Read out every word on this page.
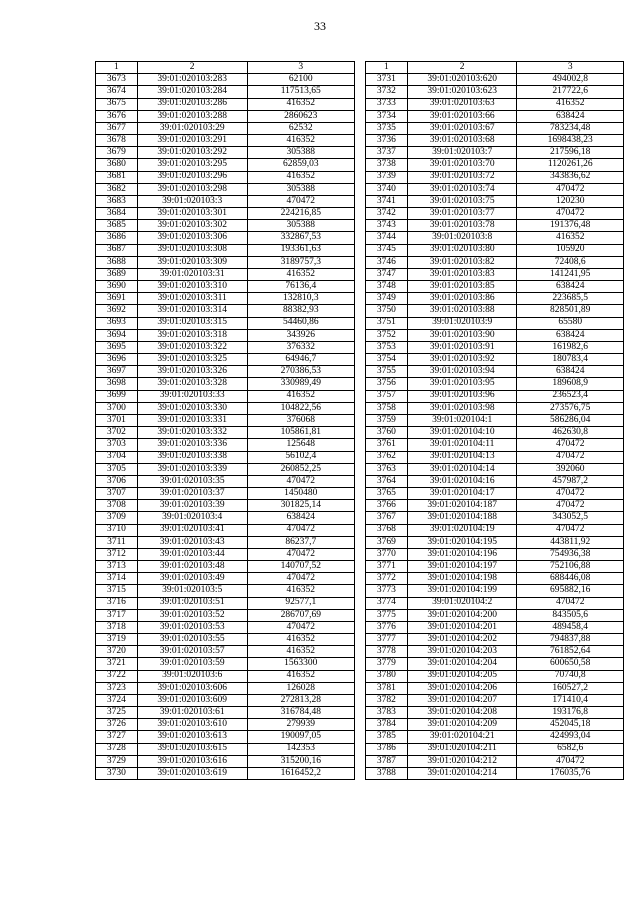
33
1	2	3
3673	39:01:020103:283	62100
3674	39:01:020103:284	117513,65
3675	39:01:020103:286	416352
3676	39:01:020103:288	2860623
3677	39:01:020103:29	62532
3678	39:01:020103:291	416352
3679	39:01:020103:292	305388
3680	39:01:020103:295	62859,03
3681	39:01:020103:296	416352
3682	39:01:020103:298	305388
3683	39:01:020103:3	470472
3684	39:01:020103:301	224216,85
3685	39:01:020103:302	305388
3686	39:01:020103:306	332867,53
3687	39:01:020103:308	193361,63
3688	39:01:020103:309	3189757,3
3689	39:01:020103:31	416352
3690	39:01:020103:310	76136,4
3691	39:01:020103:311	132810,3
3692	39:01:020103:314	88382,93
3693	39:01:020103:315	54460,86
3694	39:01:020103:318	343926
3695	39:01:020103:322	376332
3696	39:01:020103:325	64946,7
3697	39:01:020103:326	270386,53
3698	39:01:020103:328	330989,49
3699	39:01:020103:33	416352
3700	39:01:020103:330	104822,56
3701	39:01:020103:331	376068
3702	39:01:020103:332	105861,81
3703	39:01:020103:336	125648
3704	39:01:020103:338	56102,4
3705	39:01:020103:339	260852,25
3706	39:01:020103:35	470472
3707	39:01:020103:37	1450480
3708	39:01:020103:39	301825,14
3709	39:01:020103:4	638424
3710	39:01:020103:41	470472
3711	39:01:020103:43	86237,7
3712	39:01:020103:44	470472
3713	39:01:020103:48	140707,52
3714	39:01:020103:49	470472
3715	39:01:020103:5	416352
3716	39:01:020103:51	92577,1
3717	39:01:020103:52	286707,69
3718	39:01:020103:53	470472
3719	39:01:020103:55	416352
3720	39:01:020103:57	416352
3721	39:01:020103:59	1563300
3722	39:01:020103:6	416352
3723	39:01:020103:606	126028
3724	39:01:020103:609	272813,28
3725	39:01:020103:61	316784,48
3726	39:01:020103:610	279939
3727	39:01:020103:613	190097,05
3728	39:01:020103:615	142353
3729	39:01:020103:616	315200,16
3730	39:01:020103:619	1616452,2
1	2	3
3731	39:01:020103:620	494002,8
3732	39:01:020103:623	217722,6
3733	39:01:020103:63	416352
3734	39:01:020103:66	638424
3735	39:01:020103:67	783234,48
3736	39:01:020103:68	1698438,23
3737	39:01:020103:7	217596,18
3738	39:01:020103:70	1120261,26
3739	39:01:020103:72	343836,62
3740	39:01:020103:74	470472
3741	39:01:020103:75	120230
3742	39:01:020103:77	470472
3743	39:01:020103:78	191376,48
3744	39:01:020103:8	416352
3745	39:01:020103:80	105920
3746	39:01:020103:82	72408,6
3747	39:01:020103:83	141241,95
3748	39:01:020103:85	638424
3749	39:01:020103:86	223685,5
3750	39:01:020103:88	828501,89
3751	39:01:020103:9	65580
3752	39:01:020103:90	638424
3753	39:01:020103:91	161982,6
3754	39:01:020103:92	180783,4
3755	39:01:020103:94	638424
3756	39:01:020103:95	189608,9
3757	39:01:020103:96	236523,4
3758	39:01:020103:98	273576,75
3759	39:01:020104:1	586286,04
3760	39:01:020104:10	462630,8
3761	39:01:020104:11	470472
3762	39:01:020104:13	470472
3763	39:01:020104:14	392060
3764	39:01:020104:16	457987,2
3765	39:01:020104:17	470472
3766	39:01:020104:187	470472
3767	39:01:020104:188	343052,5
3768	39:01:020104:19	470472
3769	39:01:020104:195	443811,92
3770	39:01:020104:196	754936,38
3771	39:01:020104:197	752106,88
3772	39:01:020104:198	688446,08
3773	39:01:020104:199	695882,16
3774	39:01:020104:2	470472
3775	39:01:020104:200	843505,6
3776	39:01:020104:201	489458,4
3777	39:01:020104:202	794837,88
3778	39:01:020104:203	761852,64
3779	39:01:020104:204	600650,58
3780	39:01:020104:205	70740,8
3781	39:01:020104:206	160527,2
3782	39:01:020104:207	171410,4
3783	39:01:020104:208	193176,8
3784	39:01:020104:209	452045,18
3785	39:01:020104:21	424993,04
3786	39:01:020104:211	6582,6
3787	39:01:020104:212	470472
3788	39:01:020104:214	176035,76
